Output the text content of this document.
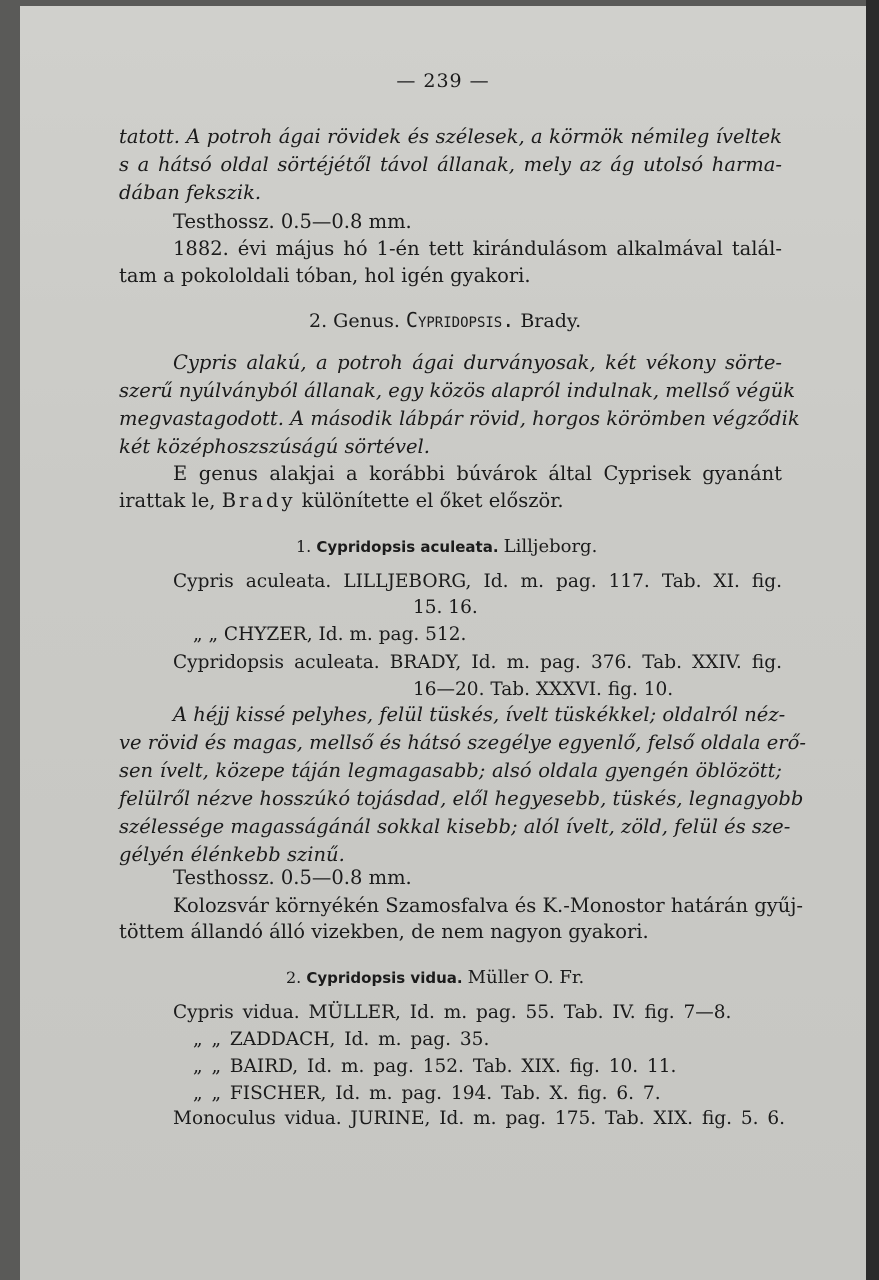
— 239 —
tatott. A potroh ágai rövidek és szélesek, a körmök némileg íveltek
s a hátsó oldal sörtéjétől távol állanak, mely az ág utolsó harma-
dában fekszik.
Testhossz. 0.5—0.8 mm.
1882. évi május hó 1-én tett kirándulásom alkalmával talál-
tam a pokololdali tóban, hol igén gyakori.
2. Genus. Cypridopsis. Brady.
Cypris alakú, a potroh ágai durványosak, két vékony sörte-
szerű nyúlványból állanak, egy közös alapról indulnak, mellső végük
megvastagodott. A második lábpár rövid, horgos körömben végződik
két középhoszszúságú sörtével.
E genus alakjai a korábbi búvárok által Cyprisek gyanánt
irattak le, Brady különítette el őket először.
1. Cypridopsis aculeata. Lilljeborg.
Cypris aculeata. LILLJEBORG, Id. m. pag. 117. Tab. XI. fig.
15. 16.
„ „ CHYZER, Id. m. pag. 512.
Cypridopsis aculeata. BRADY, Id. m. pag. 376. Tab. XXIV. fig.
16—20. Tab. XXXVI. fig. 10.
A héjj kissé pelyhes, felül tüskés, ívelt tüskékkel; oldalról néz-
ve rövid és magas, mellső és hátsó szegélye egyenlő, felső oldala erő-
sen ívelt, közepe táján legmagasabb; alsó oldala gyengén öblözött;
felülről nézve hosszúkó tojásdad, elől hegyesebb, tüskés, legnagyobb
szélessége magasságánál sokkal kisebb; alól ívelt, zöld, felül és sze-
gélyén élénkebb szinű.
Testhossz. 0.5—0.8 mm.
Kolozsvár környékén Szamosfalva és K.-Monostor határán gyűj-
töttem állandó álló vizekben, de nem nagyon gyakori.
2. Cypridopsis vidua. Müller O. Fr.
Cypris vidua. MÜLLER, Id. m. pag. 55. Tab. IV. fig. 7—8.
„ „ ZADDACH, Id. m. pag. 35.
„ „ BAIRD, Id. m. pag. 152. Tab. XIX. fig. 10. 11.
„ „ FISCHER, Id. m. pag. 194. Tab. X. fig. 6. 7.
Monoculus vidua. JURINE, Id. m. pag. 175. Tab. XIX. fig. 5. 6.
